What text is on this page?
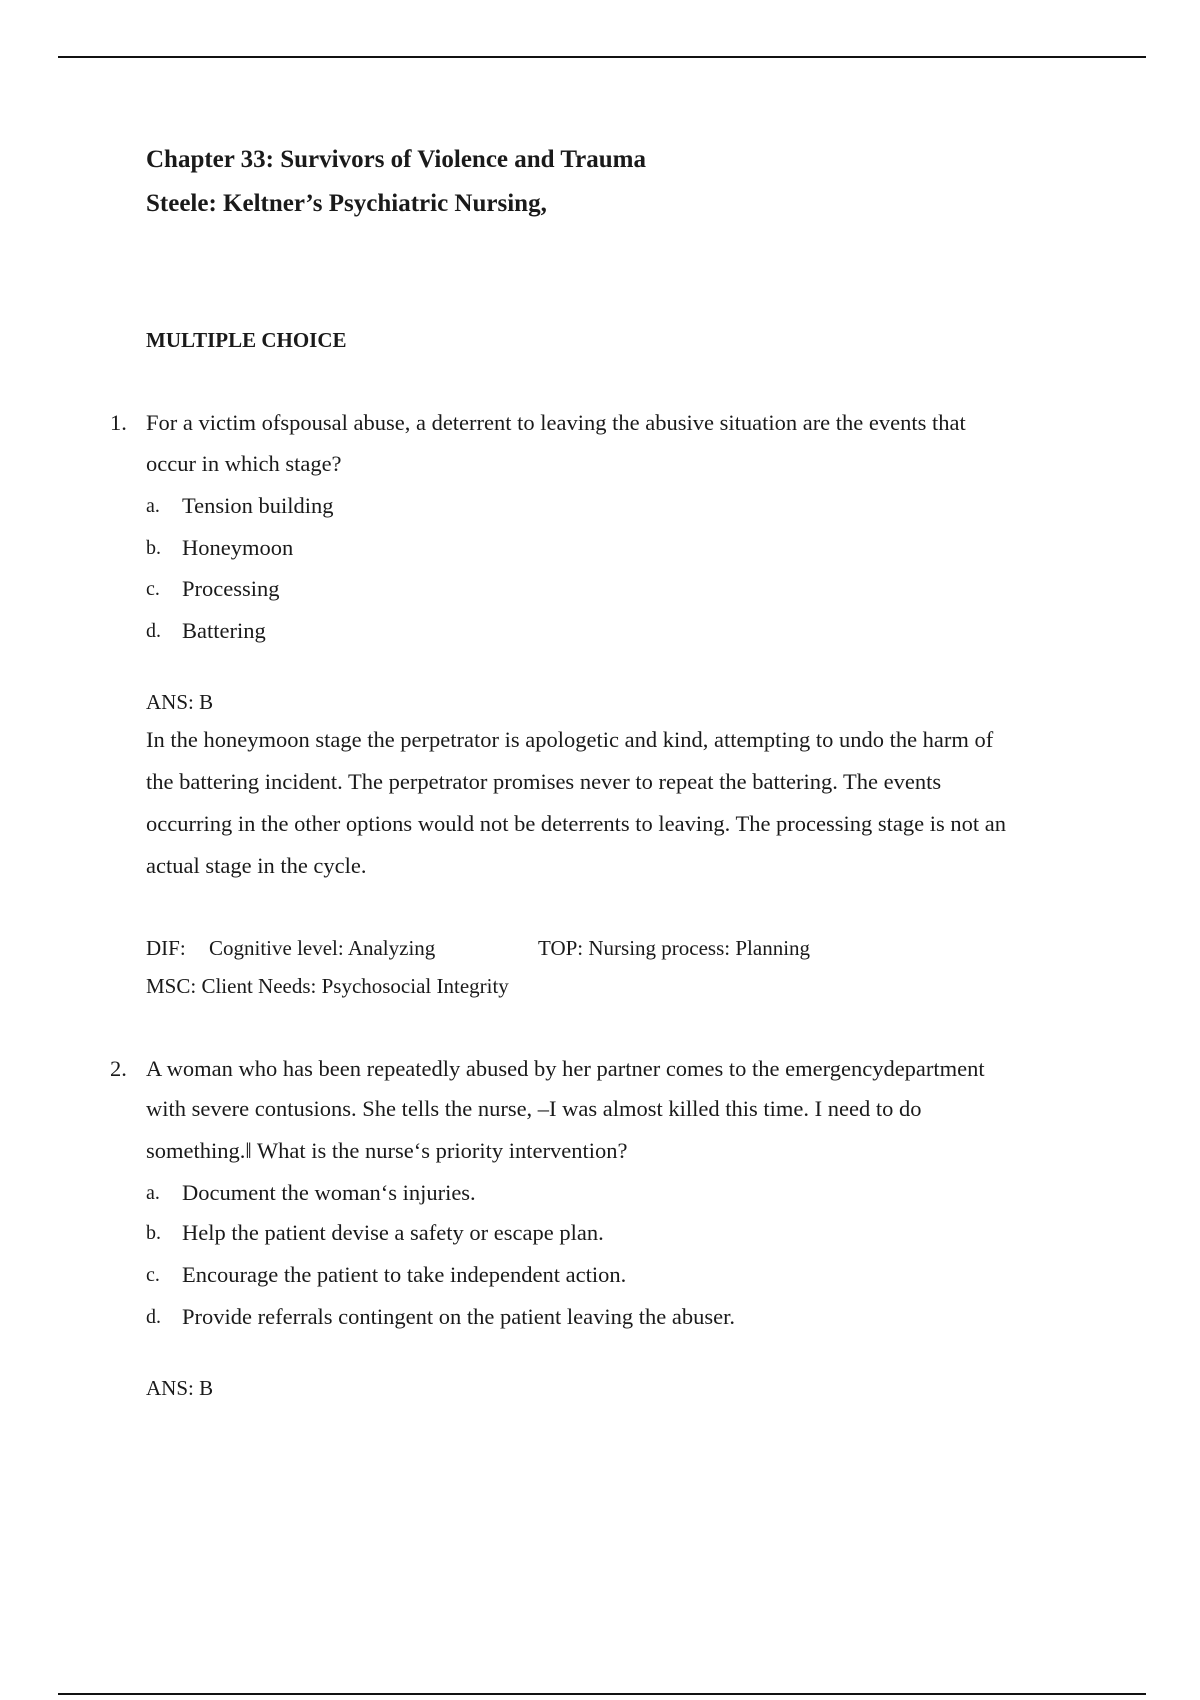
Chapter 33: Survivors of Violence and Trauma
Steele: Keltner’s Psychiatric Nursing,
MULTIPLE CHOICE
1. For a victim ofspousal abuse, a deterrent to leaving the abusive situation are the events that
occur in which stage?
a. Tension building
b. Honeymoon
c. Processing
d. Battering
ANS: B
In the honeymoon stage the perpetrator is apologetic and kind, attempting to undo the harm of
the battering incident. The perpetrator promises never to repeat the battering. The events
occurring in the other options would not be deterrents to leaving. The processing stage is not an
actual stage in the cycle.
DIF: Cognitive level: Analyzing	TOP: Nursing process: Planning
MSC: Client Needs: Psychosocial Integrity
2. A woman who has been repeatedly abused by her partner comes to the emergencydepartment
with severe contusions. She tells the nurse, –I was almost killed this time. I need to do
something.‖ What is the nurse‘s priority intervention?
a. Document the woman‘s injuries.
b. Help the patient devise a safety or escape plan.
c. Encourage the patient to take independent action.
d. Provide referrals contingent on the patient leaving the abuser.
ANS: B
